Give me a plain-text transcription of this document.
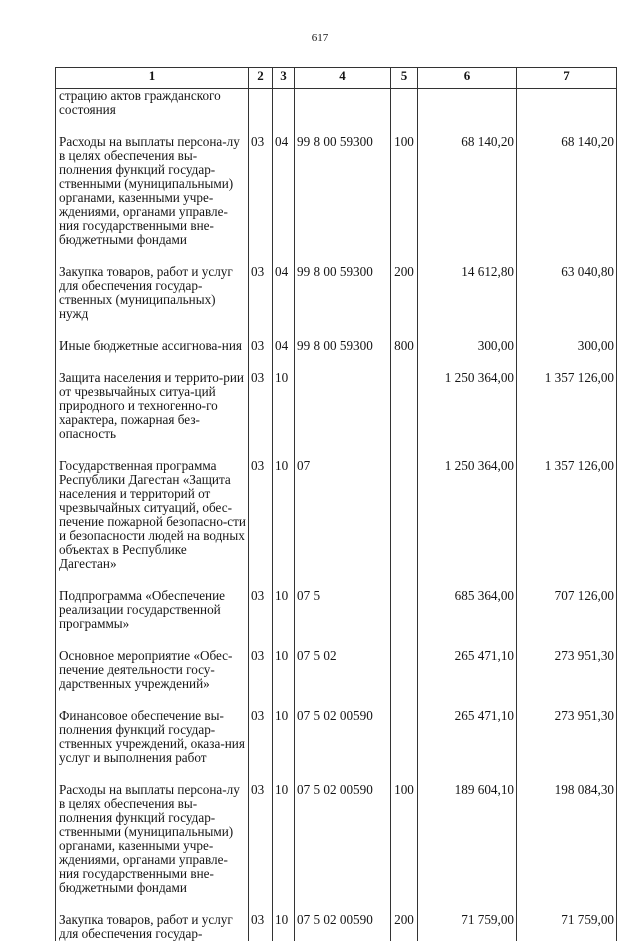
617
1	2	3	4	5	6	7
страцию актов гражданского состояния						

Расходы на выплаты персона-лу в целях обеспечения вы-полнения функций государ-ственными (муниципальными) органами, казенными учре-ждениями, органами управле-ния государственными вне-бюджетными фондами	03	04	99 8 00 59300	100	68 140,20	68 140,20

Закупка товаров, работ и услуг для обеспечения государ-ственных (муниципальных) нужд	03	04	99 8 00 59300	200	14 612,80	63 040,80

Иные бюджетные ассигнова-ния	03	04	99 8 00 59300	800	300,00	300,00

Защита населения и террито-рии от чрезвычайных ситуа-ций природного и техногенно-го характера, пожарная без-опасность	03	10			1 250 364,00	1 357 126,00

Государственная программа Республики Дагестан «Защита населения и территорий от чрезвычайных ситуаций, обес-печение пожарной безопасно-сти и безопасности людей на водных объектах в Республике Дагестан»	03	10	07		1 250 364,00	1 357 126,00

Подпрограмма «Обеспечение реализации государственной программы»	03	10	07 5		685 364,00	707 126,00

Основное мероприятие «Обес-печение деятельности госу-дарственных учреждений»	03	10	07 5 02		265 471,10	273 951,30

Финансовое обеспечение вы-полнения функций государ-ственных учреждений, оказа-ния услуг и выполнения работ	03	10	07 5 02 00590		265 471,10	273 951,30

Расходы на выплаты персона-лу в целях обеспечения вы-полнения функций государ-ственными (муниципальными) органами, казенными учре-ждениями, органами управле-ния государственными вне-бюджетными фондами	03	10	07 5 02 00590	100	189 604,10	198 084,30

Закупка товаров, работ и услуг для обеспечения государ-	03	10	07 5 02 00590	200	71 759,00	71 759,00
